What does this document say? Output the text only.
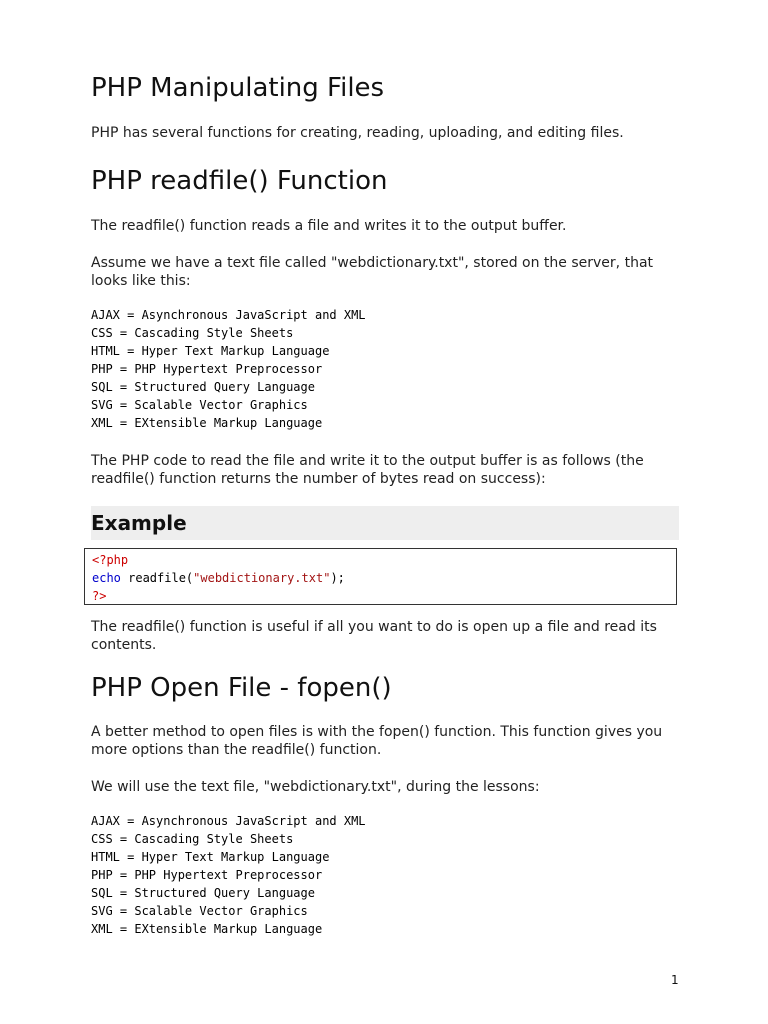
PHP Manipulating Files

PHP has several functions for creating, reading, uploading, and editing files.

PHP readfile() Function

The readfile() function reads a file and writes it to the output buffer.

Assume we have a text file called "webdictionary.txt", stored on the server, that looks like this:

AJAX = Asynchronous JavaScript and XML
CSS = Cascading Style Sheets
HTML = Hyper Text Markup Language
PHP = PHP Hypertext Preprocessor
SQL = Structured Query Language
SVG = Scalable Vector Graphics
XML = EXtensible Markup Language

The PHP code to read the file and write it to the output buffer is as follows (the readfile() function returns the number of bytes read on success):

Example
<?php
echo readfile("webdictionary.txt");
?>

The readfile() function is useful if all you want to do is open up a file and read its contents.

PHP Open File - fopen()

A better method to open files is with the fopen() function. This function gives you more options than the readfile() function.

We will use the text file, "webdictionary.txt", during the lessons:

AJAX = Asynchronous JavaScript and XML
CSS = Cascading Style Sheets
HTML = Hyper Text Markup Language
PHP = PHP Hypertext Preprocessor
SQL = Structured Query Language
SVG = Scalable Vector Graphics
XML = EXtensible Markup Language
1
